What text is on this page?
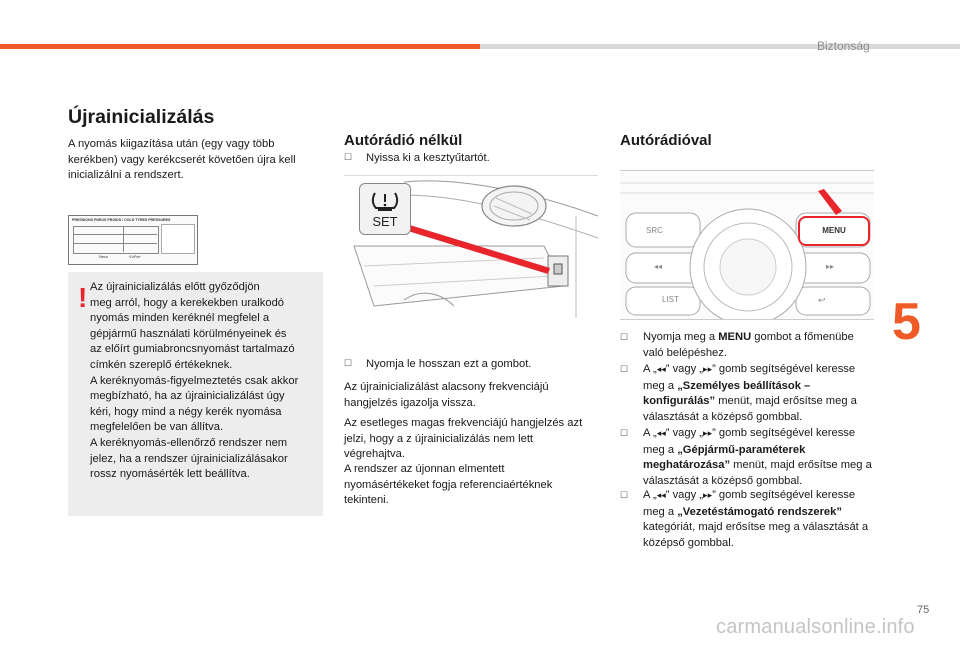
Biztonság
Újrainicializálás
A nyomás kiigazítása után (egy vagy több kerékben) vagy kerékcserét követően újra kell inicializálni a rendszert.
PRESSIONS PNEUS PROIDS / COLD TYRES PRESSURES
Nera	V≥Pa+
! Az újrainicializálás előtt győződjön
meg arról, hogy a kerekekben uralkodó
nyomás minden keréknél megfelel a
gépjármű használati körülményeinek és
az előírt gumiabroncsnyomást tartalmazó
címkén szereplő értékeknek.
A keréknyomás-figyelmeztetés csak akkor
megbízható, ha az újrainicializálást úgy
kéri, hogy mind a négy kerék nyomása
megfelelően be van állítva.
A keréknyomás-ellenőrző rendszer nem
jelez, ha a rendszer újrainicializálásakor
rossz nyomásérték lett beállítva.
Autórádió nélkül
☐ Nyissa ki a kesztyűtartót.
SET
☐ Nyomja le hosszan ezt a gombot.
Az újrainicializálást alacsony frekvenciájú hangjelzés igazolja vissza.
Az esetleges magas frekvenciájú hangjelzés azt jelzi, hogy a z újrainicializálás nem lett végrehajtva.
A rendszer az újonnan elmentett nyomásértékeket fogja referenciaértéknek tekinteni.
Autórádióval
SRC
◂◂
LIST
▸▸
↩
MENU
☐ Nyomja meg a MENU gombot a főmenübe való belépéshez.
☐ A „◂◂” vagy „▸▸” gomb segítségével keresse meg a „Személyes beállítások – konfigurálás” menüt, majd erősítse meg a választását a középső gombbal.
☐ A „◂◂” vagy „▸▸” gomb segítségével keresse meg a „Gépjármű-paraméterek meghatározása” menüt, majd erősítse meg a választását a középső gombbal.
☐ A „◂◂” vagy „▸▸” gomb segítségével keresse meg a „Vezetéstámogató rendszerek” kategóriát, majd erősítse meg a választását a középső gombbal.
5
75
carmanualsonline.info
